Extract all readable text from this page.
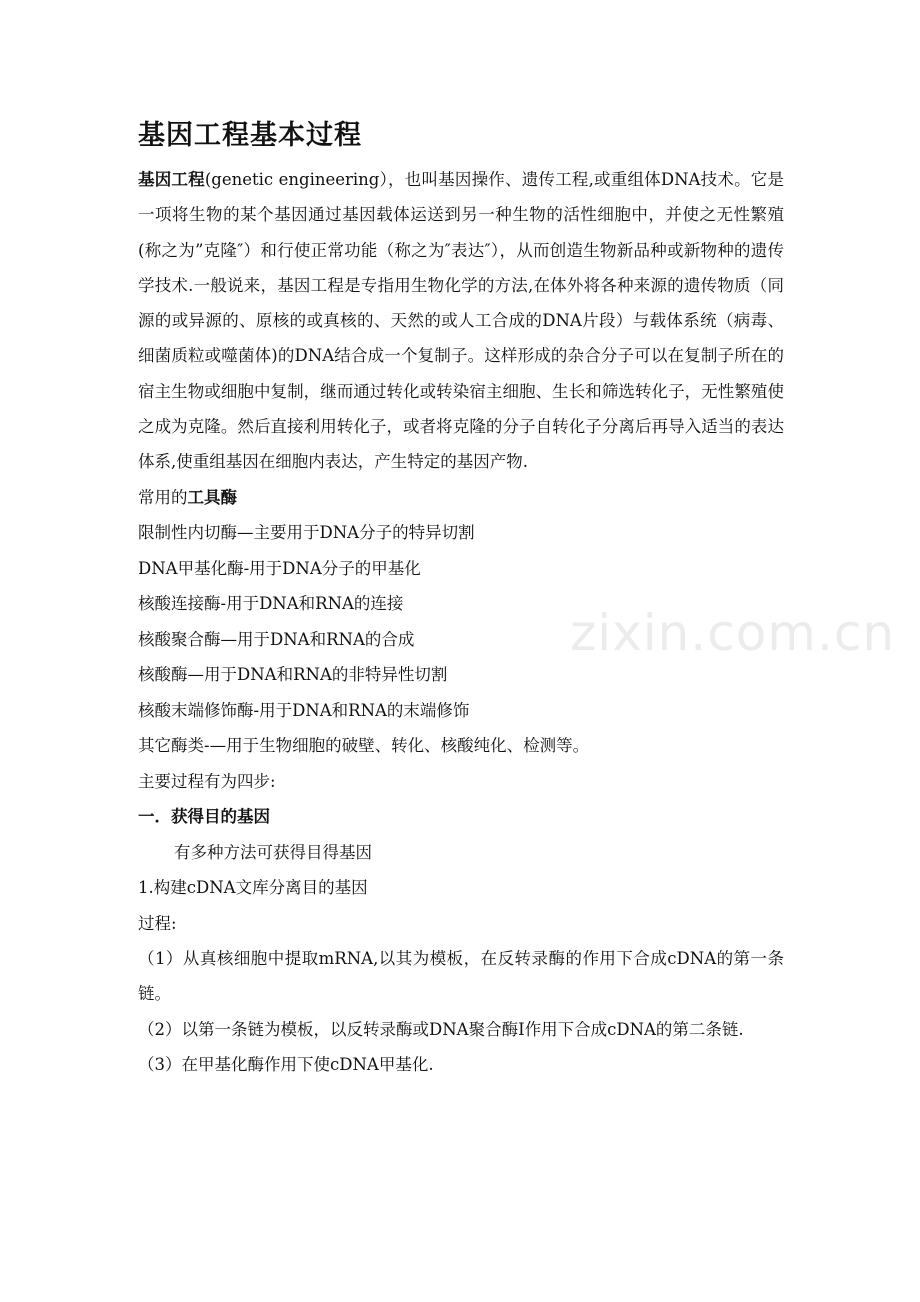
zixin.com.cn
基因工程基本过程

基因工程(genetic engineering），也叫基因操作、遗传工程,或重组体DNA技术。它是一项将生物的某个基因通过基因载体运送到另一种生物的活性细胞中，并使之无性繁殖(称之为”克隆″）和行使正常功能（称之为″表达″），从而创造生物新品种或新物种的遗传学技术.一般说来，基因工程是专指用生物化学的方法,在体外将各种来源的遗传物质（同源的或异源的、原核的或真核的、天然的或人工合成的DNA片段）与载体系统（病毒、细菌质粒或噬菌体)的DNA结合成一个复制子。这样形成的杂合分子可以在复制子所在的宿主生物或细胞中复制，继而通过转化或转染宿主细胞、生长和筛选转化子，无性繁殖使之成为克隆。然后直接利用转化子，或者将克隆的分子自转化子分离后再导入适当的表达体系,使重组基因在细胞内表达，产生特定的基因产物.

常用的工具酶

限制性内切酶—主要用于DNA分子的特异切割

DNA甲基化酶-用于DNA分子的甲基化

核酸连接酶-用于DNA和RNA的连接

核酸聚合酶—用于DNA和RNA的合成

核酸酶—用于DNA和RNA的非特异性切割

核酸末端修饰酶-用于DNA和RNA的末端修饰

其它酶类-—用于生物细胞的破壁、转化、核酸纯化、检测等。

主要过程有为四步:

一．获得目的基因

有多种方法可获得目得基因

1.构建cDNA文库分离目的基因

过程:

（1）从真核细胞中提取mRNA,以其为模板，在反转录酶的作用下合成cDNA的第一条链。

（2）以第一条链为模板，以反转录酶或DNA聚合酶I作用下合成cDNA的第二条链.

（3）在甲基化酶作用下使cDNA甲基化.
